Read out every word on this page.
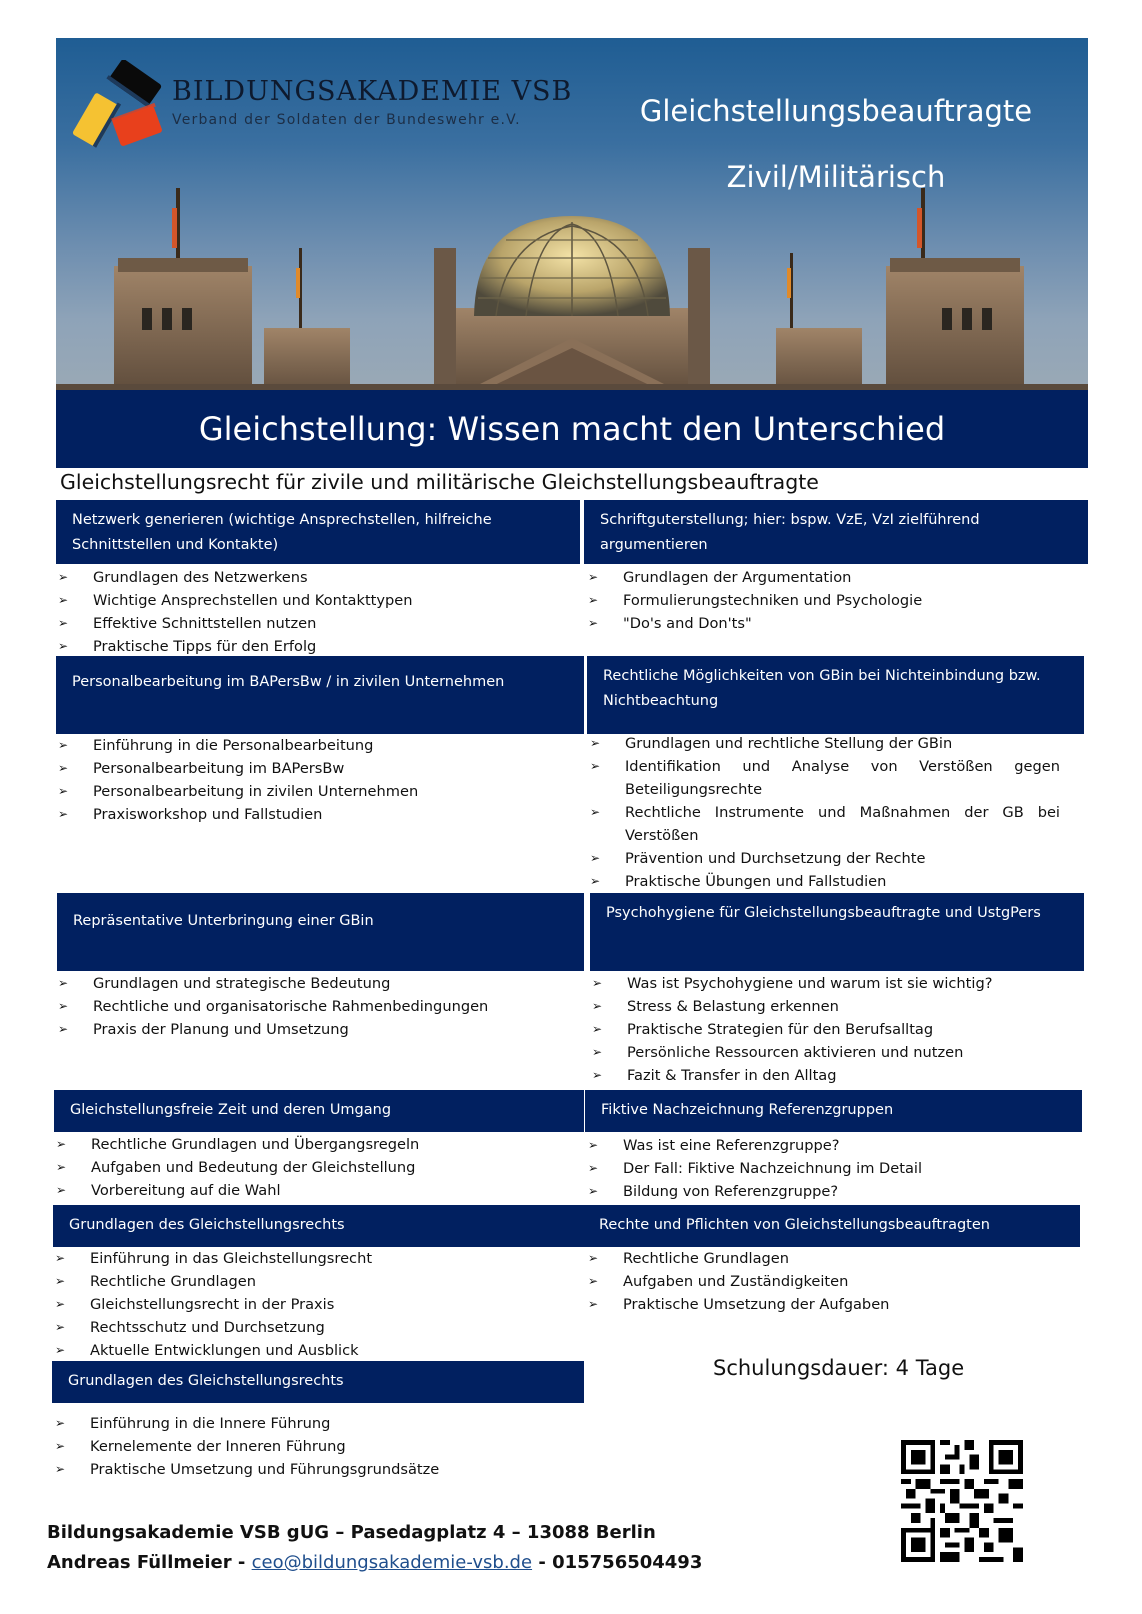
BILDUNGSAKADEMIE VSB
Verband der Soldaten der Bundeswehr e.V.	Gleichstellungsbeauftragte
Zivil/Militärisch
Gleichstellung: Wissen macht den Unterschied
Gleichstellungsrecht für zivile und militärische Gleichstellungsbeauftragte
Netzwerk generieren (wichtige Ansprechstellen, hilfreiche Schnittstellen und Kontakte)
➢ Grundlagen des Netzwerkens
➢ Wichtige Ansprechstellen und Kontakttypen
➢ Effektive Schnittstellen nutzen
➢ Praktische Tipps für den Erfolg
Schriftguterstellung; hier: bspw. VzE, VzI zielführend argumentieren
➢ Grundlagen der Argumentation
➢ Formulierungstechniken und Psychologie
➢ "Do's and Don'ts"
Personalbearbeitung im BAPersBw / in zivilen Unternehmen
➢ Einführung in die Personalbearbeitung
➢ Personalbearbeitung im BAPersBw
➢ Personalbearbeitung in zivilen Unternehmen
➢ Praxisworkshop und Fallstudien
Rechtliche Möglichkeiten von GBin bei Nichteinbindung bzw. Nichtbeachtung
➢ Grundlagen und rechtliche Stellung der GBin
➢ Identifikation und Analyse von Verstößen gegen Beteiligungsrechte
➢ Rechtliche Instrumente und Maßnahmen der GB bei Verstößen
➢ Prävention und Durchsetzung der Rechte
➢ Praktische Übungen und Fallstudien
Repräsentative Unterbringung einer GBin
➢ Grundlagen und strategische Bedeutung
➢ Rechtliche und organisatorische Rahmenbedingungen
➢ Praxis der Planung und Umsetzung
Psychohygiene für Gleichstellungsbeauftragte und UstgPers
➢ Was ist Psychohygiene und warum ist sie wichtig?
➢ Stress & Belastung erkennen
➢ Praktische Strategien für den Berufsalltag
➢ Persönliche Ressourcen aktivieren und nutzen
➢ Fazit & Transfer in den Alltag
Gleichstellungsfreie Zeit und deren Umgang
➢ Rechtliche Grundlagen und Übergangsregeln
➢ Aufgaben und Bedeutung der Gleichstellung
➢ Vorbereitung auf die Wahl
Fiktive Nachzeichnung Referenzgruppen
➢ Was ist eine Referenzgruppe?
➢ Der Fall: Fiktive Nachzeichnung im Detail
➢ Bildung von Referenzgruppe?
Grundlagen des Gleichstellungsrechts
➢ Einführung in das Gleichstellungsrecht
➢ Rechtliche Grundlagen
➢ Gleichstellungsrecht in der Praxis
➢ Rechtsschutz und Durchsetzung
➢ Aktuelle Entwicklungen und Ausblick
Rechte und Pflichten von Gleichstellungsbeauftragten
➢ Rechtliche Grundlagen
➢ Aufgaben und Zuständigkeiten
➢ Praktische Umsetzung der Aufgaben
Grundlagen des Gleichstellungsrechts
➢ Einführung in die Innere Führung
➢ Kernelemente der Inneren Führung
➢ Praktische Umsetzung und Führungsgrundsätze
Schulungsdauer: 4 Tage
Bildungsakademie VSB gUG – Pasedagplatz 4 – 13088 Berlin
Andreas Füllmeier - ceo@bildungsakademie-vsb.de - 015756504493
